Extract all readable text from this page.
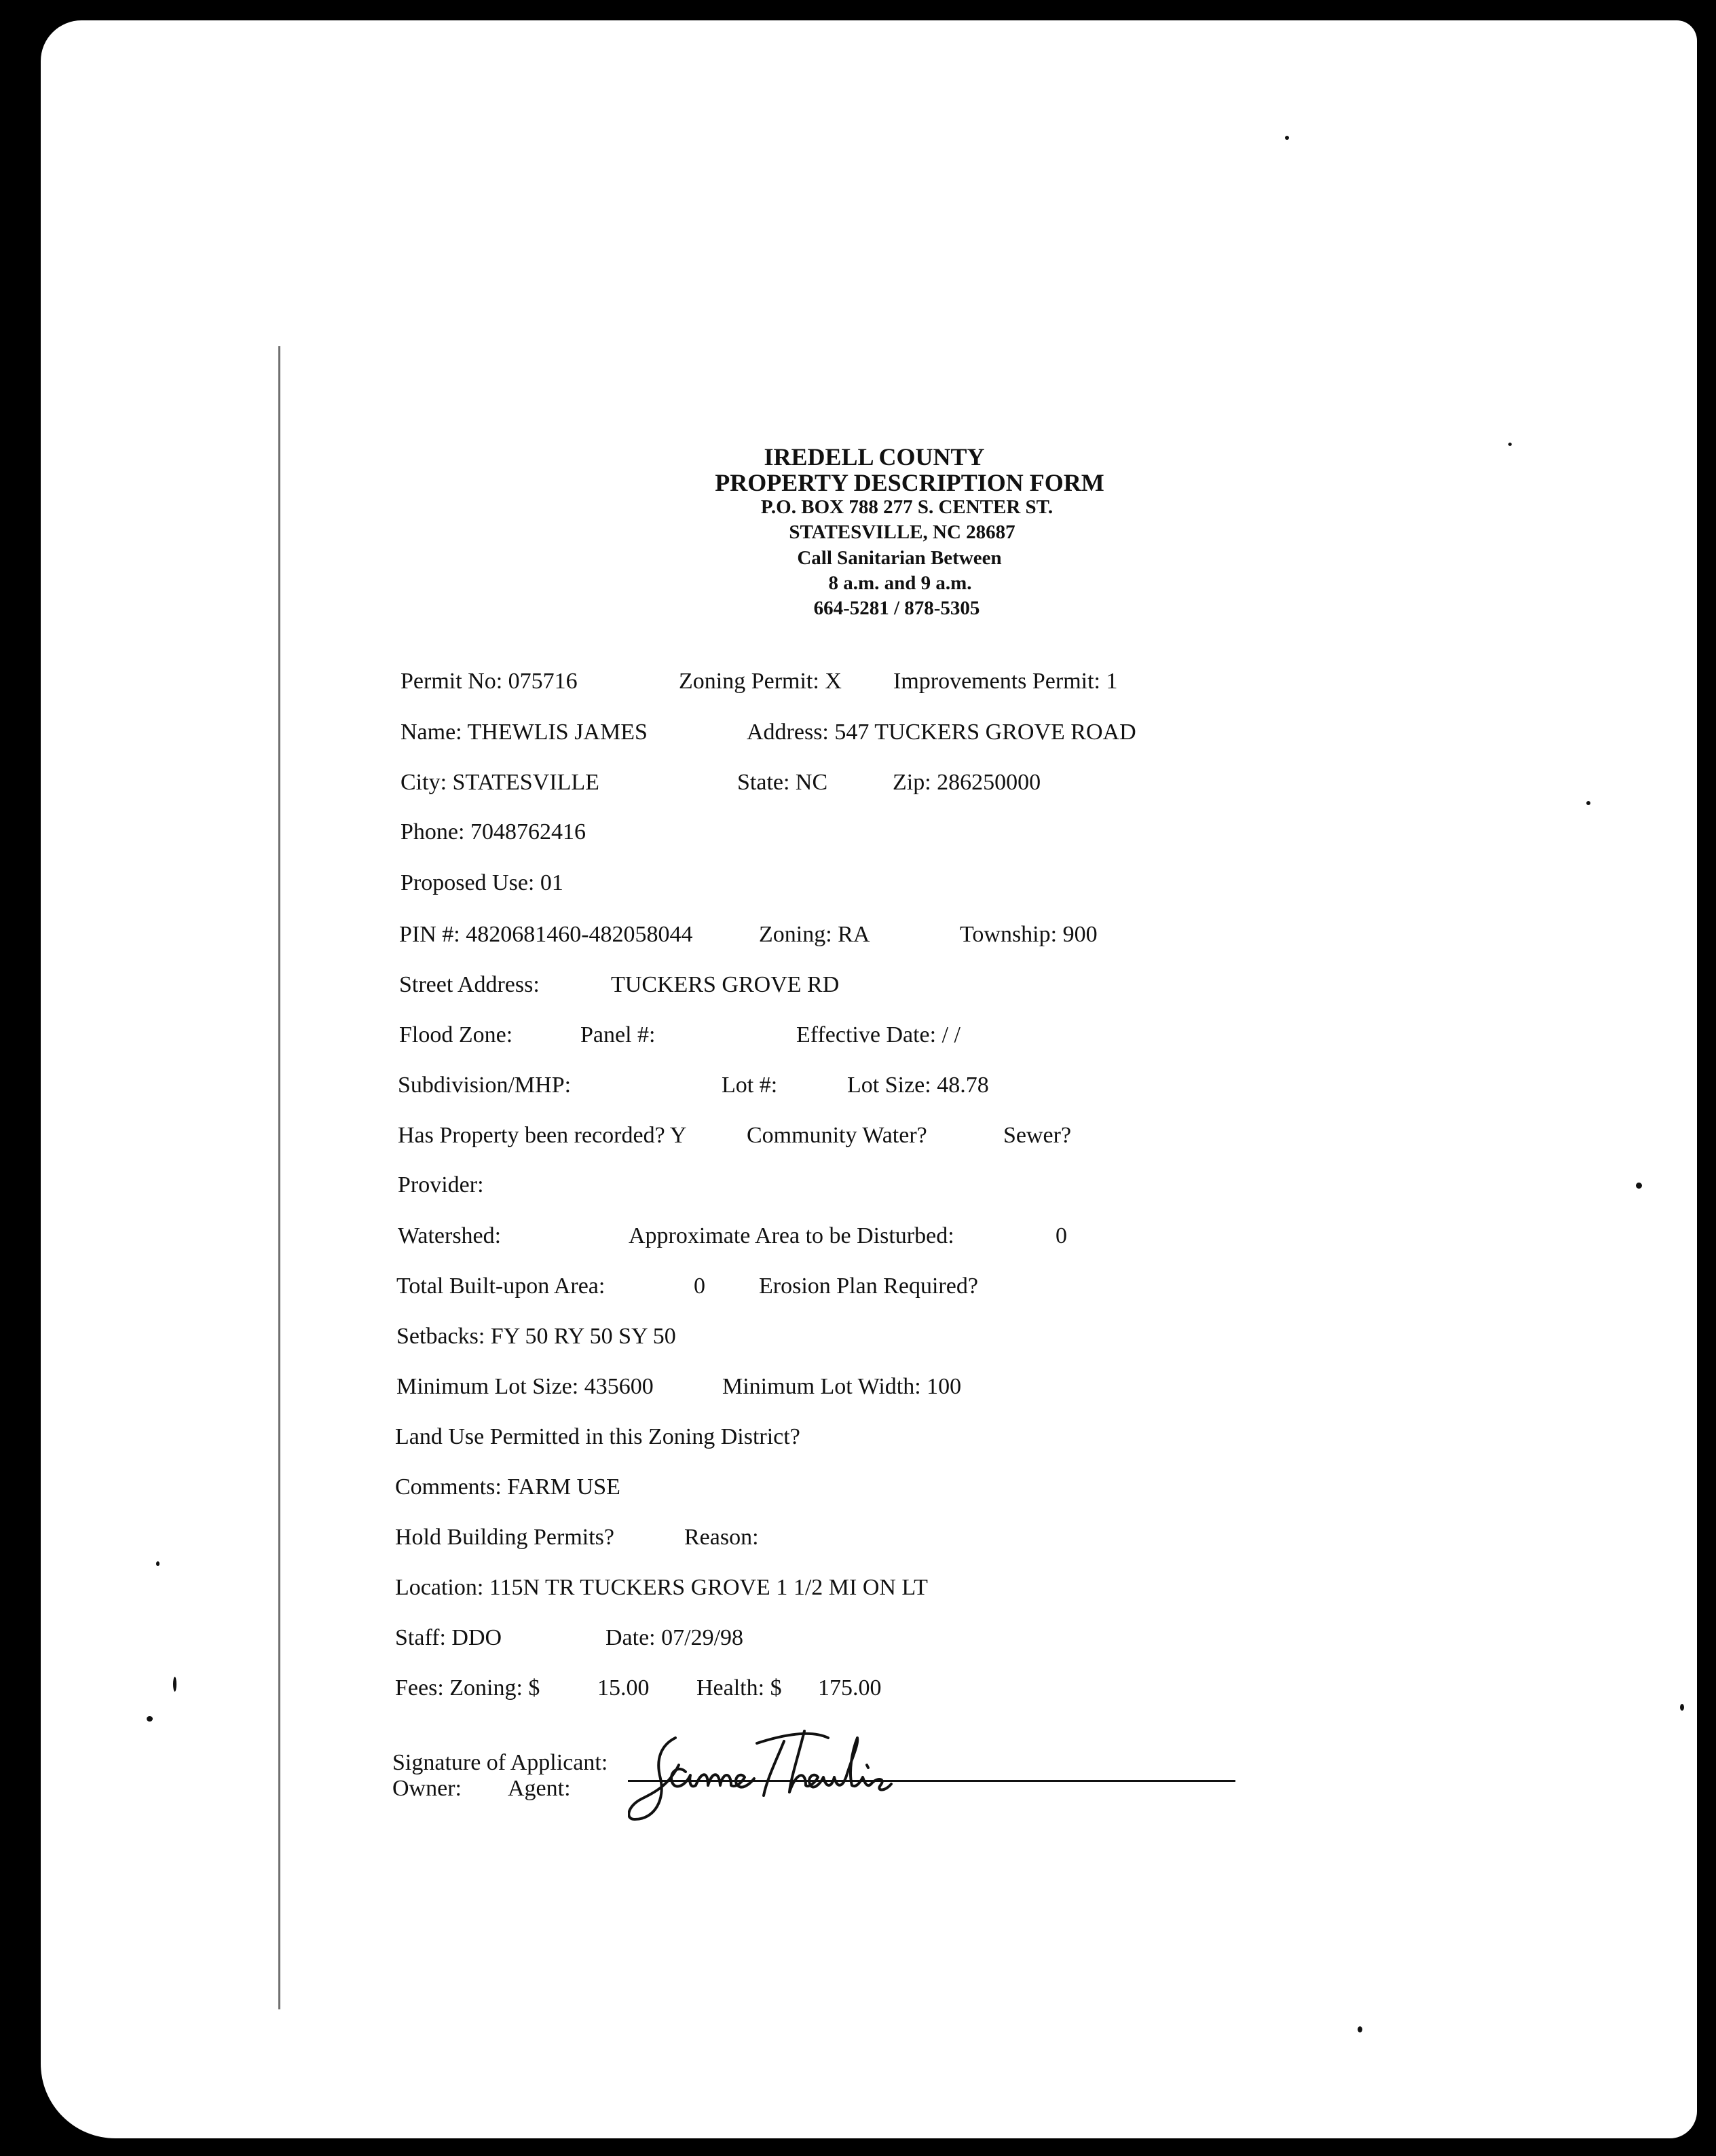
IREDELL COUNTY
PROPERTY DESCRIPTION FORM
P.O. BOX 788 277 S. CENTER ST.
STATESVILLE, NC 28687
Call Sanitarian Between
8 a.m. and 9 a.m.
664-5281 / 878-5305
Permit No: 075716	Zoning Permit: X Improvements Permit: 1
Name: THEWLIS JAMES	Address: 547 TUCKERS GROVE ROAD
City: STATESVILLE	State: NC	Zip: 286250000
Phone: 7048762416
Proposed Use: 01
PIN #: 4820681460-482058044	Zoning: RA	Township: 900
Street Address:	TUCKERS GROVE RD
Flood Zone:	Panel #:	Effective Date: / /
Subdivision/MHP:	Lot #:	Lot Size: 48.78
Has Property been recorded? Y	Community Water?	Sewer?
Provider:
Watershed:	Approximate Area to be Disturbed:	0
Total Built-upon Area:	0 Erosion Plan Required?
Setbacks: FY 50 RY 50 SY 50
Minimum Lot Size: 435600	Minimum Lot Width: 100
Land Use Permitted in this Zoning District?
Comments: FARM USE
Hold Building Permits?	Reason:
Location: 115N TR TUCKERS GROVE 1 1/2 MI ON LT
Staff: DDO	Date: 07/29/98
Fees: Zoning: $ 15.00 Health: $ 175.00
Signature of Applicant:
Owner: Agent:
